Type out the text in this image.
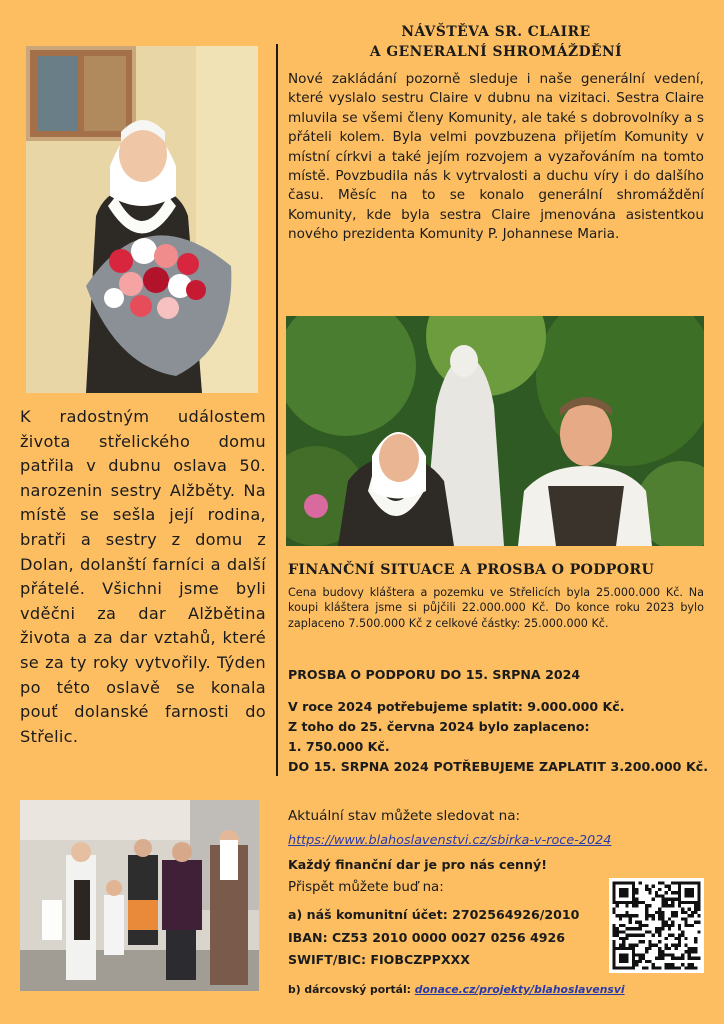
K radostným událostem života střelického domu patřila v dubnu oslava 50. narozenin sestry Alžběty. Na místě se sešla její rodina, bratři a sestry z domu z Dolan, dolanští farníci a další přátelé. Všichni jsme byli vděčni za dar Alžbětina života a za dar vztahů, které se za ty roky vytvořily. Týden po této oslavě se konala pouť dolanské farnosti do Střelic.
NÁVŠTĚVA SR. CLAIRE
A GENERALNÍ SHROMÁŽDĚNÍ
Nové zakládání pozorně sleduje i naše generální vedení, které vyslalo sestru Claire v dubnu na vizitaci. Sestra Claire mluvila se všemi členy Komunity, ale také s dobrovolníky a s přáteli kolem. Byla velmi povzbuzena přijetím Komunity v místní církvi a také jejím rozvojem a vyzařováním na tomto místě. Povzbudila nás k vytrvalosti a duchu víry i do dalšího času. Měsíc na to se konalo generální shromáždění Komunity, kde byla sestra Claire jmenována asistentkou nového prezidenta Komunity P. Johannese Maria.
FINANČNÍ SITUACE A PROSBA O PODPORU
Cena budovy kláštera a pozemku ve Střelicích byla 25.000.000 Kč. Na koupi kláštera jsme si půjčili 22.000.000 Kč. Do konce roku 2023 bylo zaplaceno 7.500.000 Kč z celkové částky: 25.000.000 Kč.
PROSBA O PODPORU DO 15. SRPNA 2024
V roce 2024 potřebujeme splatit: 9.000.000 Kč.
Z toho do 25. června 2024 bylo zaplaceno:
1. 750.000 Kč.
DO 15. SRPNA 2024 POTŘEBUJEME ZAPLATIT 3.200.000 Kč.
Aktuální stav můžete sledovat na:
https://www.blahoslavenstvi.cz/sbirka-v-roce-2024
Každý finanční dar je pro nás cenný!
Přispět můžete buď na:
a) náš komunitní účet: 2702564926/2010
IBAN: CZ53 2010 0000 0027 0256 4926
SWIFT/BIC: FIOBCZPPXXX
b) dárcovský portál: donace.cz/projekty/blahoslavensvi
